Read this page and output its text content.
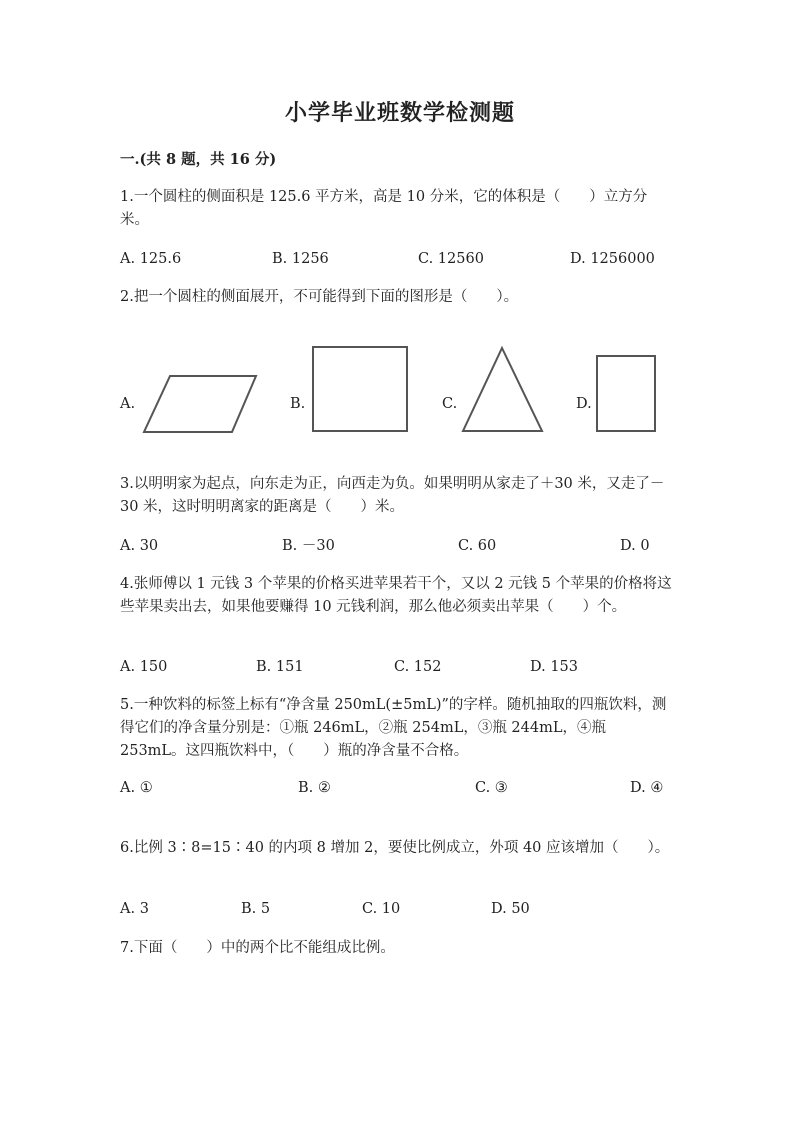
小学毕业班数学检测题
一.(共 8 题，共 16 分)
1.一个圆柱的侧面积是 125.6 平方米，高是 10 分米，它的体积是（　　）立方分米。
A. 125.6	B. 1256	C. 12560	D. 1256000
2.把一个圆柱的侧面展开，不可能得到下面的图形是（　　）。
A.	B.	C.	D.
3.以明明家为起点，向东走为正，向西走为负。如果明明从家走了＋30 米，又走了－30 米，这时明明离家的距离是（　　）米。
A. 30	B. －30	C. 60	D. 0
4.张师傅以 1 元钱 3 个苹果的价格买进苹果若干个，又以 2 元钱 5 个苹果的价格将这些苹果卖出去，如果他要赚得 10 元钱利润，那么他必须卖出苹果（　　）个。
A. 150	B. 151	C. 152	D. 153
5.一种饮料的标签上标有“净含量 250mL(±5mL)”的字样。随机抽取的四瓶饮料，测得它们的净含量分别是：①瓶 246mL，②瓶 254mL，③瓶 244mL，④瓶 253mL。这四瓶饮料中，（　　）瓶的净含量不合格。
A. ①	B. ②	C. ③	D. ④
6.比例 3∶8=15∶40 的内项 8 增加 2，要使比例成立，外项 40 应该增加（　　）。
A. 3	B. 5	C. 10	D. 50
7.下面（　　）中的两个比不能组成比例。
